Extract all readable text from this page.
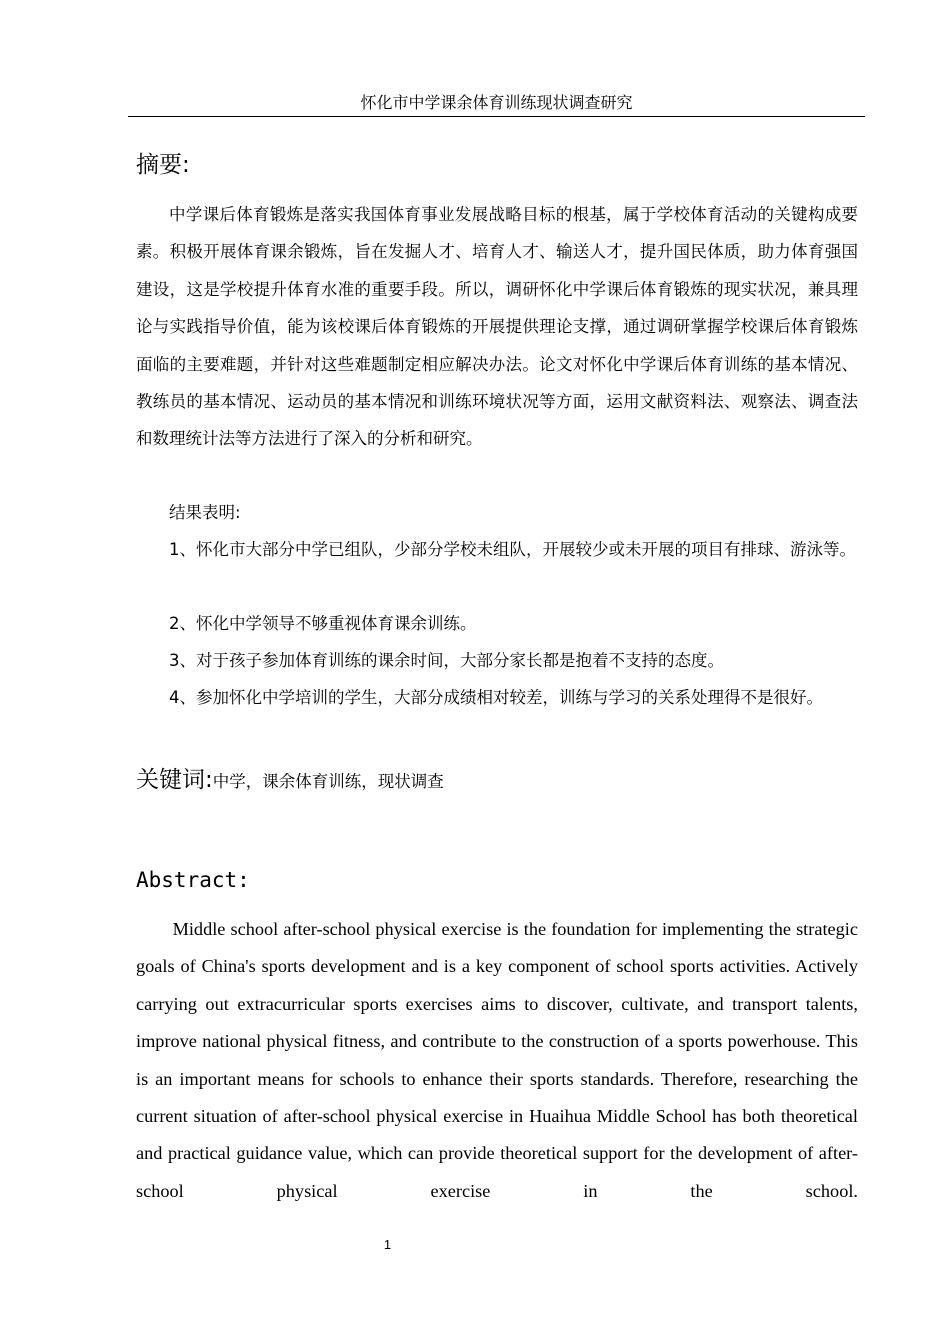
怀化市中学课余体育训练现状调查研究
摘要:

中学课后体育锻炼是落实我国体育事业发展战略目标的根基，属于学校体育活动的关键构成要素。积极开展体育课余锻炼，旨在发掘人才、培育人才、输送人才，提升国民体质，助力体育强国建设，这是学校提升体育水准的重要手段。所以，调研怀化中学课后体育锻炼的现实状况，兼具理论与实践指导价值，能为该校课后体育锻炼的开展提供理论支撑，通过调研掌握学校课后体育锻炼面临的主要难题，并针对这些难题制定相应解决办法。论文对怀化中学课后体育训练的基本情况、教练员的基本情况、运动员的基本情况和训练环境状况等方面，运用文献资料法、观察法、调查法和数理统计法等方法进行了深入的分析和研究。

结果表明:

1、怀化市大部分中学已组队，少部分学校未组队，开展较少或未开展的项目有排球、游泳等。

2、怀化中学领导不够重视体育课余训练。

3、对于孩子参加体育训练的课余时间，大部分家长都是抱着不支持的态度。

4、参加怀化中学培训的学生，大部分成绩相对较差，训练与学习的关系处理得不是很好。

关键词:中学，课余体育训练，现状调查
Abstract:

Middle school after-school physical exercise is the foundation for implementing the strategic goals of China's sports development and is a key component of school sports activities. Actively carrying out extracurricular sports exercises aims to discover, cultivate, and transport talents, improve national physical fitness, and contribute to the construction of a sports powerhouse. This is an important means for schools to enhance their sports standards. Therefore, researching the current situation of after-school physical exercise in Huaihua Middle School has both theoretical and practical guidance value, which can provide theoretical support for the development of after-school physical exercise in the school.

1
